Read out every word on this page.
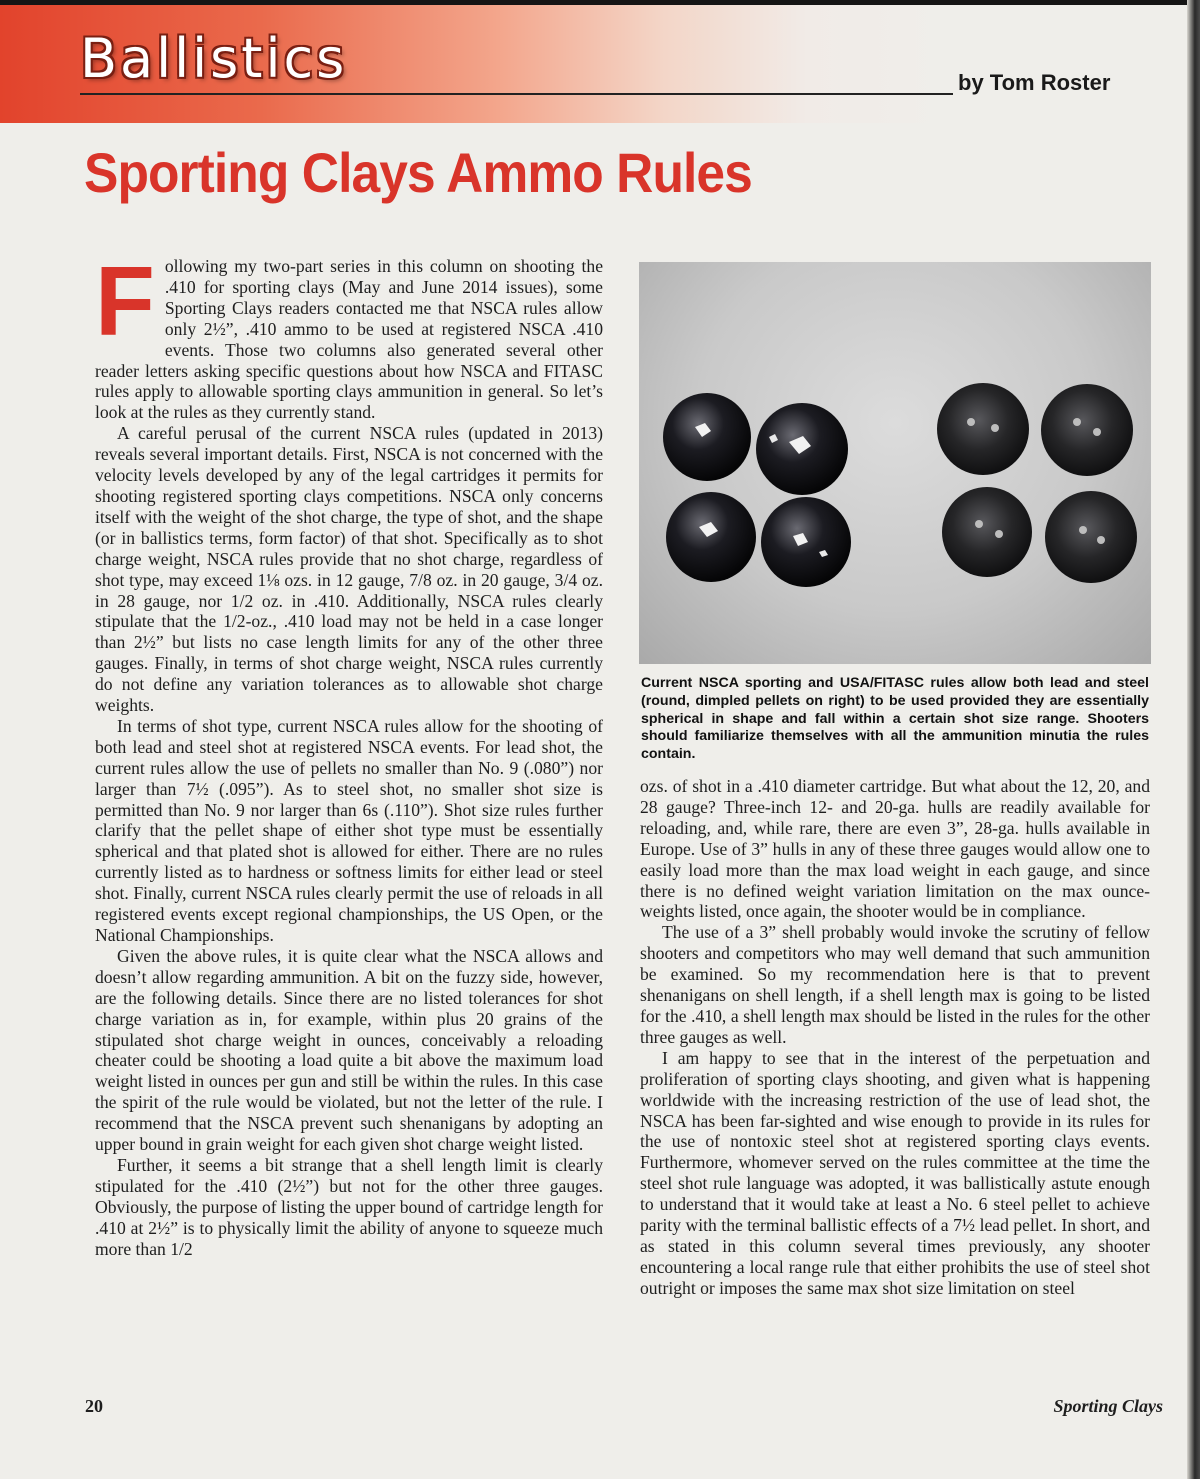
Ballistics	by Tom Roster
Sporting Clays Ammo Rules
F ollowing my two-part series in this column on shooting the .410 for sporting clays (May and June 2014 issues), some Sporting Clays readers contacted me that NSCA rules allow only 2½”, .410 ammo to be used at registered NSCA .410 events. Those two columns also generated several other reader letters asking specific questions about how NSCA and FITASC rules apply to allowable sporting clays ammunition in general. So let’s look at the rules as they currently stand.

A careful perusal of the current NSCA rules (updated in 2013) reveals several important details. First, NSCA is not concerned with the velocity levels developed by any of the legal cartridges it permits for shooting registered sporting clays competitions. NSCA only concerns itself with the weight of the shot charge, the type of shot, and the shape (or in ballistics terms, form factor) of that shot. Specifically as to shot charge weight, NSCA rules provide that no shot charge, regardless of shot type, may exceed 1⅛ ozs. in 12 gauge, 7/8 oz. in 20 gauge, 3/4 oz. in 28 gauge, nor 1/2 oz. in .410. Additionally, NSCA rules clearly stipulate that the 1/2-oz., .410 load may not be held in a case longer than 2½” but lists no case length limits for any of the other three gauges. Finally, in terms of shot charge weight, NSCA rules currently do not define any variation tolerances as to allowable shot charge weights.

In terms of shot type, current NSCA rules allow for the shooting of both lead and steel shot at registered NSCA events. For lead shot, the current rules allow the use of pellets no smaller than No. 9 (.080”) nor larger than 7½ (.095”). As to steel shot, no smaller shot size is permitted than No. 9 nor larger than 6s (.110”). Shot size rules further clarify that the pellet shape of either shot type must be essentially spherical and that plated shot is allowed for either. There are no rules currently listed as to hardness or softness limits for either lead or steel shot. Finally, current NSCA rules clearly permit the use of reloads in all registered events except regional championships, the US Open, or the National Championships.

Given the above rules, it is quite clear what the NSCA allows and doesn’t allow regarding ammunition. A bit on the fuzzy side, however, are the following details. Since there are no listed tolerances for shot charge variation as in, for example, within plus 20 grains of the stipulated shot charge weight in ounces, conceivably a reloading cheater could be shooting a load quite a bit above the maximum load weight listed in ounces per gun and still be within the rules. In this case the spirit of the rule would be violated, but not the letter of the rule. I recommend that the NSCA prevent such shenanigans by adopting an upper bound in grain weight for each given shot charge weight listed.

Further, it seems a bit strange that a shell length limit is clearly stipulated for the .410 (2½”) but not for the other three gauges. Obviously, the purpose of listing the upper bound of cartridge length for .410 at 2½” is to physically limit the ability of anyone to squeeze much more than 1/2

Current NSCA sporting and USA/FITASC rules allow both lead and steel (round, dimpled pellets on right) to be used provided they are essentially spherical in shape and fall within a certain shot size range. Shooters should familiarize themselves with all the ammunition minutia the rules contain.

ozs. of shot in a .410 diameter cartridge. But what about the 12, 20, and 28 gauge? Three-inch 12- and 20-ga. hulls are readily available for reloading, and, while rare, there are even 3”, 28-ga. hulls available in Europe. Use of 3” hulls in any of these three gauges would allow one to easily load more than the max load weight in each gauge, and since there is no defined weight variation limitation on the max ounce-weights listed, once again, the shooter would be in compliance.

The use of a 3” shell probably would invoke the scrutiny of fellow shooters and competitors who may well demand that such ammunition be examined. So my recommendation here is that to prevent shenanigans on shell length, if a shell length max is going to be listed for the .410, a shell length max should be listed in the rules for the other three gauges as well.

I am happy to see that in the interest of the perpetuation and proliferation of sporting clays shooting, and given what is happening worldwide with the increasing restriction of the use of lead shot, the NSCA has been far-sighted and wise enough to provide in its rules for the use of nontoxic steel shot at registered sporting clays events. Furthermore, whomever served on the rules committee at the time the steel shot rule language was adopted, it was ballistically astute enough to understand that it would take at least a No. 6 steel pellet to achieve parity with the terminal ballistic effects of a 7½ lead pellet. In short, and as stated in this column several times previously, any shooter encountering a local range rule that either prohibits the use of steel shot outright or imposes the same max shot size limitation on steel

20	Sporting Clays
